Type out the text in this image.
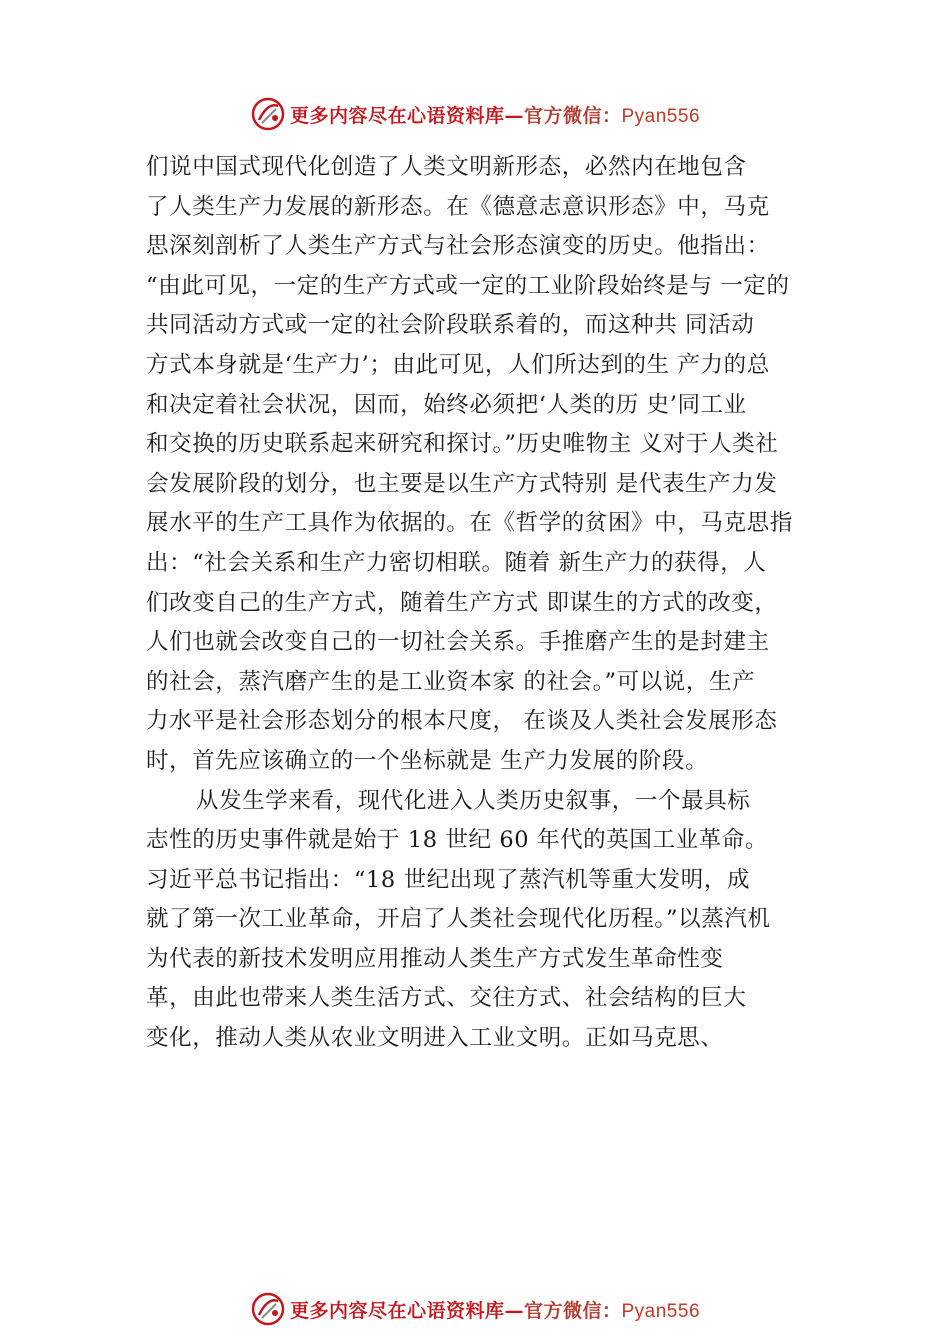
更多内容尽在心语资料库—官方微信：Pyan556
们说中国式现代化创造了人类文明新形态，必然内在地包含
了人类生产力发展的新形态。在《德意志意识形态》中，马克
思深刻剖析了人类生产方式与社会形态演变的历史。他指出：
“由此可见，一定的生产方式或一定的工业阶段始终是与 一定的
共同活动方式或一定的社会阶段联系着的，而这种共 同活动
方式本身就是‘生产力’；由此可见，人们所达到的生 产力的总
和决定着社会状况，因而，始终必须把‘人类的历 史’同工业
和交换的历史联系起来研究和探讨。”历史唯物主 义对于人类社
会发展阶段的划分，也主要是以生产方式特别 是代表生产力发
展水平的生产工具作为依据的。在《哲学的贫困》中，马克思指
出：“社会关系和生产力密切相联。随着 新生产力的获得，人
们改变自己的生产方式，随着生产方式 即谋生的方式的改变，
人们也就会改变自己的一切社会关系。手推磨产生的是封建主
的社会，蒸汽磨产生的是工业资本家 的社会。”可以说，生产
力水平是社会形态划分的根本尺度， 在谈及人类社会发展形态
时，首先应该确立的一个坐标就是 生产力发展的阶段。
从发生学来看，现代化进入人类历史叙事，一个最具标
志性的历史事件就是始于 18 世纪 60 年代的英国工业革命。
习近平总书记指出：“18 世纪出现了蒸汽机等重大发明，成
就了第一次工业革命，开启了人类社会现代化历程。”以蒸汽机
为代表的新技术发明应用推动人类生产方式发生革命性变
革，由此也带来人类生活方式、交往方式、社会结构的巨大
变化，推动人类从农业文明进入工业文明。正如马克思、
更多内容尽在心语资料库—官方微信：Pyan556
